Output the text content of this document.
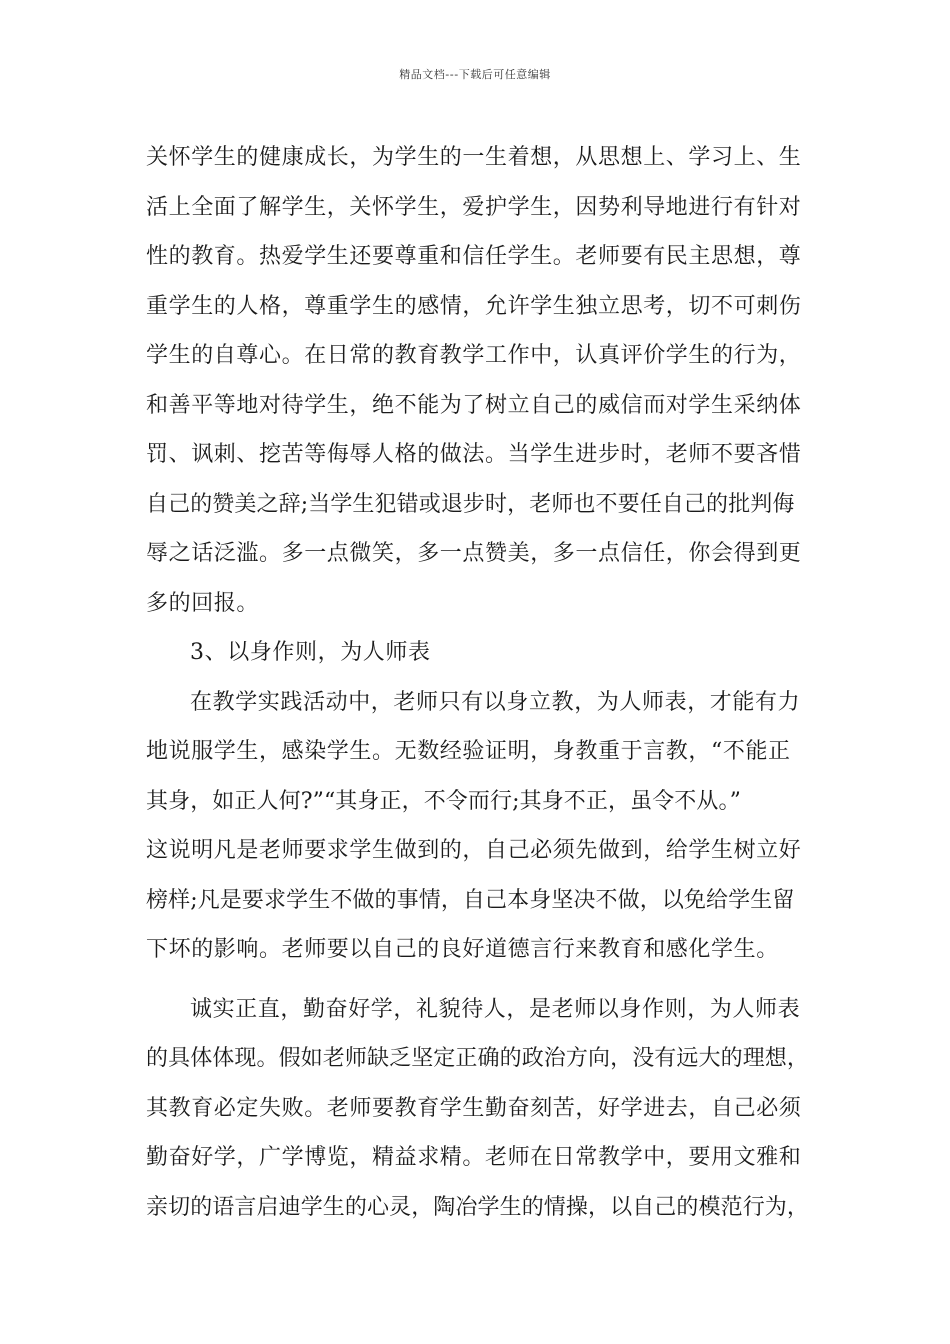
精品文档---下载后可任意编辑
关怀学生的健康成长，为学生的一生着想，从思想上、学习上、生
活上全面了解学生，关怀学生，爱护学生，因势利导地进行有针对
性的教育。热爱学生还要尊重和信任学生。老师要有民主思想，尊
重学生的人格，尊重学生的感情，允许学生独立思考，切不可刺伤
学生的自尊心。在日常的教育教学工作中，认真评价学生的行为，
和善平等地对待学生，绝不能为了树立自己的威信而对学生采纳体
罚、讽刺、挖苦等侮辱人格的做法。当学生进步时，老师不要吝惜
自己的赞美之辞;当学生犯错或退步时，老师也不要任自己的批判侮
辱之话泛滥。多一点微笑，多一点赞美，多一点信任，你会得到更
多的回报。
3、以身作则，为人师表
在教学实践活动中，老师只有以身立教，为人师表，才能有力
地说服学生，感染学生。无数经验证明，身教重于言教，“不能正
其身，如正人何?”“其身正，不令而行;其身不正，虽令不从。”
这说明凡是老师要求学生做到的，自己必须先做到，给学生树立好
榜样;凡是要求学生不做的事情，自己本身坚决不做，以免给学生留
下坏的影响。老师要以自己的良好道德言行来教育和感化学生。
诚实正直，勤奋好学，礼貌待人，是老师以身作则，为人师表
的具体体现。假如老师缺乏坚定正确的政治方向，没有远大的理想，
其教育必定失败。老师要教育学生勤奋刻苦，好学进去，自己必须
勤奋好学，广学博览，精益求精。老师在日常教学中，要用文雅和
亲切的语言启迪学生的心灵，陶冶学生的情操，以自己的模范行为，
